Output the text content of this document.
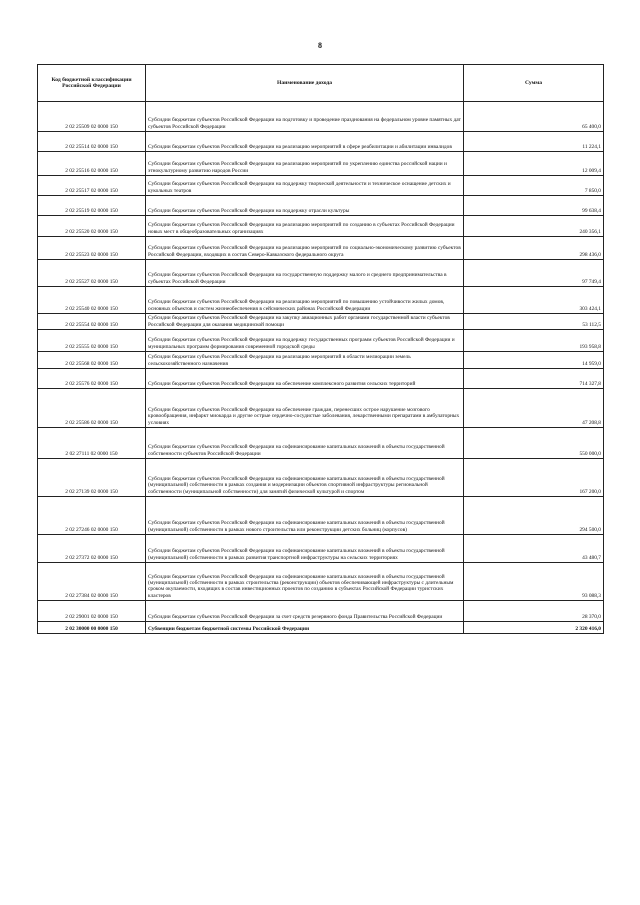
8
Код бюджетной классификации Российской Федерации	Наименование дохода	Сумма
2 02 25509 02 0000 150	Субсидии бюджетам субъектов Российской Федерации на подготовку и проведение празднования на федеральном уровне памятных дат субъектов Российской Федерации	65 400,0
2 02 25514 02 0000 150	Субсидии бюджетам субъектов Российской Федерации на реализацию мероприятий в сфере реабилитации и абилитации инвалидов	11 224,1
2 02 25516 02 0000 150	Субсидии бюджетам субъектов Российской Федерации на реализацию мероприятий по укреплению единства российской нации и этнокультурному развитию народов России	12 009,4
2 02 25517 02 0000 150	Субсидии бюджетам субъектов Российской Федерации на поддержку творческой деятельности и техническое оснащение детских и кукольных театров	7 850,0
2 02 25519 02 0000 150	Субсидии бюджетам субъектов Российской Федерации на поддержку отрасли культуры	99 638,4
2 02 25520 02 0000 150	Субсидии бюджетам субъектов Российской Федерации на реализацию мероприятий по созданию в субъектах Российской Федерации новых мест в общеобразовательных организациях	240 356,1
2 02 25523 02 0000 150	Субсидии бюджетам субъектов Российской Федерации на реализацию мероприятий по социально-экономическому развитию субъектов Российской Федерации, входящих в состав Северо-Кавказского федерального округа	298 436,0
2 02 25527 02 0000 150	Субсидии бюджетам субъектов Российской Федерации на государственную поддержку малого и среднего предпринимательства в субъектах Российской Федерации	97 749,4
2 02 25540 02 0000 150	Субсидии бюджетам субъектов Российской Федерации на реализацию мероприятий по повышению устойчивости жилых домов, основных объектов и систем жизнеобеспечения в сейсмических районах Российской Федерации	303 424,1
2 02 25554 02 0000 150	Субсидии бюджетам субъектов Российской Федерации на закупку авиационных работ органами государственной власти субъектов Российской Федерации для оказания медицинской помощи	53 112,5
2 02 25555 02 0000 150	Субсидии бюджетам субъектов Российской Федерации на поддержку государственных программ субъектов Российской Федерации и муниципальных программ формирования современной городской среды	193 958,8
2 02 25568 02 0000 150	Субсидии бюджетам субъектов Российской Федерации на реализацию мероприятий в области мелиорации земель сельскохозяйственного назначения	14 959,0
2 02 25576 02 0000 150	Субсидии бюджетам субъектов Российской Федерации на обеспечение комплексного развития сельских территорий	714 327,8
2 02 25586 02 0000 150	Субсидии бюджетам субъектов Российской Федерации на обеспечение граждан, перенесших острое нарушение мозгового кровообращения, инфаркт миокарда и другие острые сердечно-сосудистые заболевания, лекарственными препаратами в амбулаторных условиях	47 208,8
2 02 27111 02 0000 150	Субсидии бюджетам субъектов Российской Федерации на софинансирование капитальных вложений в объекты государственной собственности субъектов Российской Федерации	550 000,0
2 02 27139 02 0000 150	Субсидии бюджетам субъектов Российской Федерации на софинансирование капитальных вложений в объекты государственной (муниципальной) собственности в рамках создания и модернизации объектов спортивной инфраструктуры региональной собственности (муниципальной собственности) для занятий физической культурой и спортом	167 200,0
2 02 27246 02 0000 150	Субсидии бюджетам субъектов Российской Федерации на софинансирование капитальных вложений в объекты государственной (муниципальной) собственности в рамках нового строительства или реконструкции детских больниц (корпусов)	294 500,0
2 02 27372 02 0000 150	Субсидии бюджетам субъектов Российской Федерации на софинансирование капитальных вложений в объекты государственной (муниципальной) собственности в рамках развития транспортной инфраструктуры на сельских территориях	43 480,7
2 02 27384 02 0000 150	Субсидии бюджетам субъектов Российской Федерации на софинансирование капитальных вложений в объекты государственной (муниципальной) собственности в рамках строительства (реконструкции) объектов обеспечивающей инфраструктуры с длительным сроком окупаемости, входящих в состав инвестиционных проектов по созданию в субъектах Российской Федерации туристских кластеров	93 088,3
2 02 29001 02 0000 150	Субсидии бюджетам субъектов Российской Федерации за счет средств резервного фонда Правительства Российской Федерации	28 370,0
2 02 30000 00 0000 150	Субвенции бюджетам бюджетной системы Российской Федерации	2 320 416,0
